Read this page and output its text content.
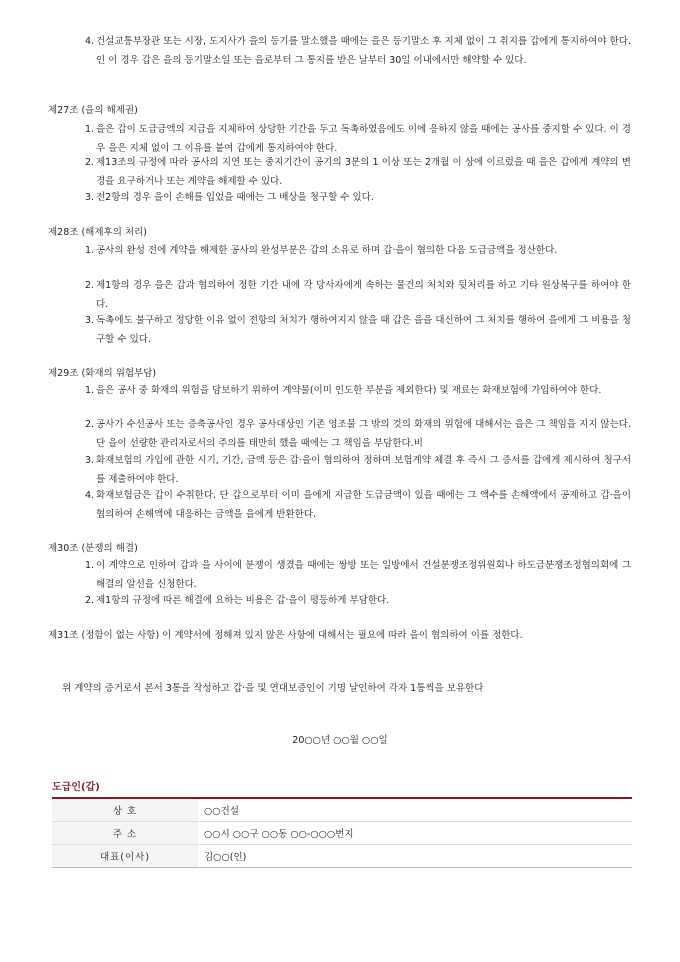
4. 건설교통부장관 또는 시장, 도지사가 을의 등기를 말소했을 때에는 을은 등기말소 후 지체 없이 그 취지를 갑에게 통지하여야 한다.인 이 경우 갑은 을의 등기말소일 또는 을로부터 그 통지를 받은 날부터 30일 이내에서만 해약할 수 있다.
제27조 (을의 해제권)
1. 을은 갑이 도급금액의 지급을 지체하여 상당한 기간을 두고 독촉하였음에도 이에 응하지 않을 때에는 공사를 중지할 수 있다. 이 경우 을은 지체 없이 그 이유를 붙여 갑에게 통지하여야 한다.
2. 제13조의 규정에 따라 공사의 지연 또는 중지기간이 공기의 3분의 1 이상 또는 2개월 이 상에 이르렀을 때 을은 갑에게 계약의 변경을 요구하거나 또는 계약을 해제할 수 있다.
3. 전2항의 경우 을이 손해를 입었을 때에는 그 배상을 청구할 수 있다.
제28조 (해제후의 처리)
1. 공사의 완성 전에 계약을 해제한 공사의 완성부분은 갑의 소유로 하며 갑·을이 협의한 다음 도급금액을 정산한다.
2. 제1항의 경우 을은 갑과 협의하여 정한 기간 내에 각 당사자에게 속하는 물건의 처치와 뒷처리를 하고 기타 원상복구를 하여야 한다.
3. 독촉에도 불구하고 정당한 이유 없이 전항의 처치가 행하여지지 않을 때 갑은 을을 대신하여 그 처치를 행하여 을에게 그 비용을 청구할 수 있다.
제29조 (화재의 위험부담)
1. 을은 공사 중 화재의 위험을 담보하기 위하여 계약물(이미 인도한 부분을 제외한다) 및 재료는 화재보험에 가입하여야 한다.
2. 공사가 수선공사 또는 증축공사인 경우 공사대상인 기존 영조물 그 밖의 것의 화재의 위험에 대해서는 을은 그 책임을 지지 않는다. 단 을이 선량한 관리자로서의 주의를 태만히 했을 때에는 그 책임을 부담한다.비
3. 화재보험의 가입에 관한 시기, 기간, 금액 등은 갑·을이 협의하여 정하며 보험계약 체결 후 즉시 그 증서를 갑에게 제시하여 청구서를 제출하여야 한다.
4. 화재보험금은 갑이 수취한다. 단 갑으로부터 이미 을에게 지급한 도급금액이 있을 때에는 그 액수를 손해액에서 공제하고 갑·을이 협의하여 손해액에 대응하는 금액을 을에게 반환한다.
제30조 (분쟁의 해결)
1. 이 계약으로 인하여 갑과 을 사이에 분쟁이 생겼을 때에는 쌍방 또는 일방에서 건설분쟁조정위원회나 하도급분쟁조정협의회에 그 해결의 알선을 신청한다.
2. 제1항의 규정에 따른 해결에 요하는 비용은 갑·을이 평등하게 부담한다.
제31조 (정함이 없는 사항) 이 계약서에 정해져 있지 않은 사항에 대해서는 필요에 따라 을이 협의하여 이를 정한다.
위 계약의 증거로서 본서 3통을 작성하고 갑·을 및 연대보증인이 기명 날인하여 각자 1통씩을 보유한다
20○○년 ○○월 ○○일
도급인(갑)
상 호	○○건설
주 소	○○시 ○○구 ○○동 ○○-○○○번지
대표(이사)	김○○(인)
